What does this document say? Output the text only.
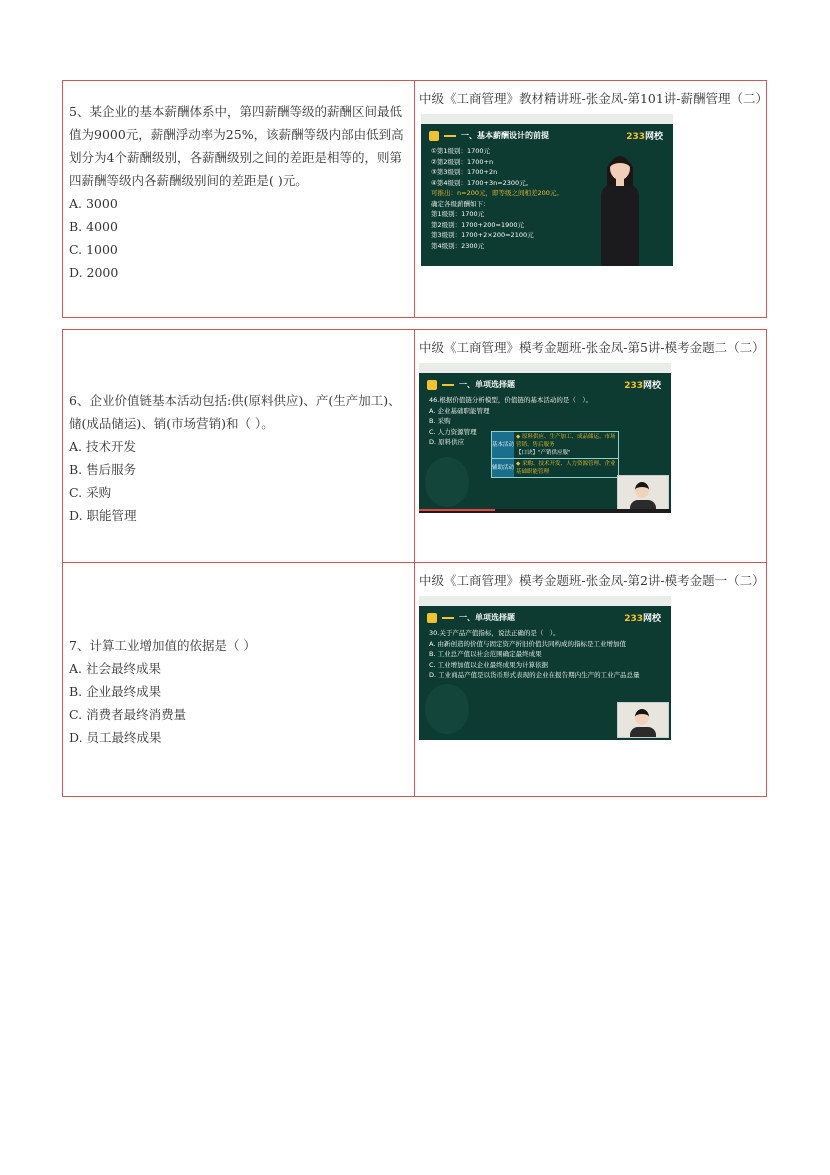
5、某企业的基本薪酬体系中，第四薪酬等级的薪酬区间最低值为9000元，薪酬浮动率为25%，该薪酬等级内部由低到高划分为4个薪酬级别，各薪酬级别之间的差距是相等的，则第四薪酬等级内各薪酬级别间的差距是( )元。

A. 3000

B. 4000

C. 1000

D. 2000

中级《工商管理》教材精讲班-张金凤-第101讲-薪酬管理（二）

一、基本薪酬设计的前提	233网校
①第1级别：1700元
②第2级别：1700+n
③第3级别：1700+2n
④第4级别：1700+3n=2300元。
可推出：n=200元，即等级之间相差200元。
确定各级薪酬如下：
第1级别：1700元
第2级别：1700+200=1900元
第3级别：1700+2×200=2100元
第4级别：2300元

6、企业价值链基本活动包括:供(原料供应)、产(生产加工)、储(成品储运)、销(市场营销)和（ ）。

A. 技术开发

B. 售后服务

C. 采购

D. 职能管理

中级《工商管理》模考金题班-张金凤-第5讲-模考金题二（二）

一、单项选择题	233网校
46.根据价值链分析模型，价值链的基本活动的是（　）。
A. 企业基础职能管理
B. 采购
C. 人力资源管理
D. 原料供应	基本活动
◆ 原料供应、生产加工、成品储运、市场营销、售后服务
【口诀】"产销供应服"
辅助活动
◆ 采购、技术开发、人力资源管理、企业基础职能管理

7、计算工业增加值的依据是（ ）

A. 社会最终成果

B. 企业最终成果

C. 消费者最终消费量

D. 员工最终成果

中级《工商管理》模考金题班-张金凤-第2讲-模考金题一（二）

一、单项选择题	233网校
30.关于产品产值指标，说法正确的是（　）。
A. 由新创造的价值与固定资产折旧价值共同构成的指标是工业增加值
B. 工业总产值以社会范围确定最终成果
C. 工业增加值以企业最终成果为计算依据
D. 工业商品产值是以货币形式表现的企业在报告期内生产的工业产品总量
